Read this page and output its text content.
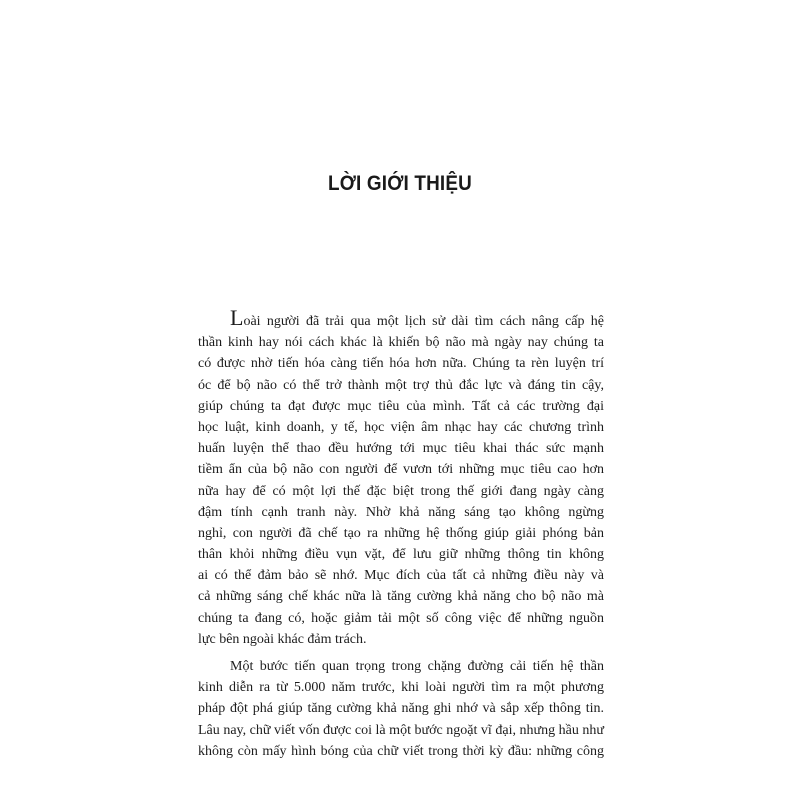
LỜI GIỚI THIỆU
Loài người đã trải qua một lịch sử dài tìm cách nâng cấp hệ
thần kinh hay nói cách khác là khiến bộ não mà ngày nay chúng ta
có được nhờ tiến hóa càng tiến hóa hơn nữa. Chúng ta rèn luyện trí
óc để bộ não có thể trở thành một trợ thủ đắc lực và đáng tin cậy,
giúp chúng ta đạt được mục tiêu của mình. Tất cả các trường đại
học luật, kinh doanh, y tế, học viện âm nhạc hay các chương trình
huấn luyện thể thao đều hướng tới mục tiêu khai thác sức mạnh
tiềm ẩn của bộ não con người để vươn tới những mục tiêu cao hơn
nữa hay để có một lợi thế đặc biệt trong thế giới đang ngày càng
đậm tính cạnh tranh này. Nhờ khả năng sáng tạo không ngừng
nghỉ, con người đã chế tạo ra những hệ thống giúp giải phóng bản
thân khỏi những điều vụn vặt, để lưu giữ những thông tin không
ai có thể đảm bảo sẽ nhớ. Mục đích của tất cả những điều này và
cả những sáng chế khác nữa là tăng cường khả năng cho bộ não mà
chúng ta đang có, hoặc giảm tải một số công việc để những nguồn
lực bên ngoài khác đảm trách.
Một bước tiến quan trọng trong chặng đường cải tiến hệ thần
kinh diễn ra từ 5.000 năm trước, khi loài người tìm ra một phương
pháp đột phá giúp tăng cường khả năng ghi nhớ và sắp xếp thông tin.
Lâu nay, chữ viết vốn được coi là một bước ngoặt vĩ đại, nhưng hầu như
không còn mấy hình bóng của chữ viết trong thời kỳ đầu: những công
